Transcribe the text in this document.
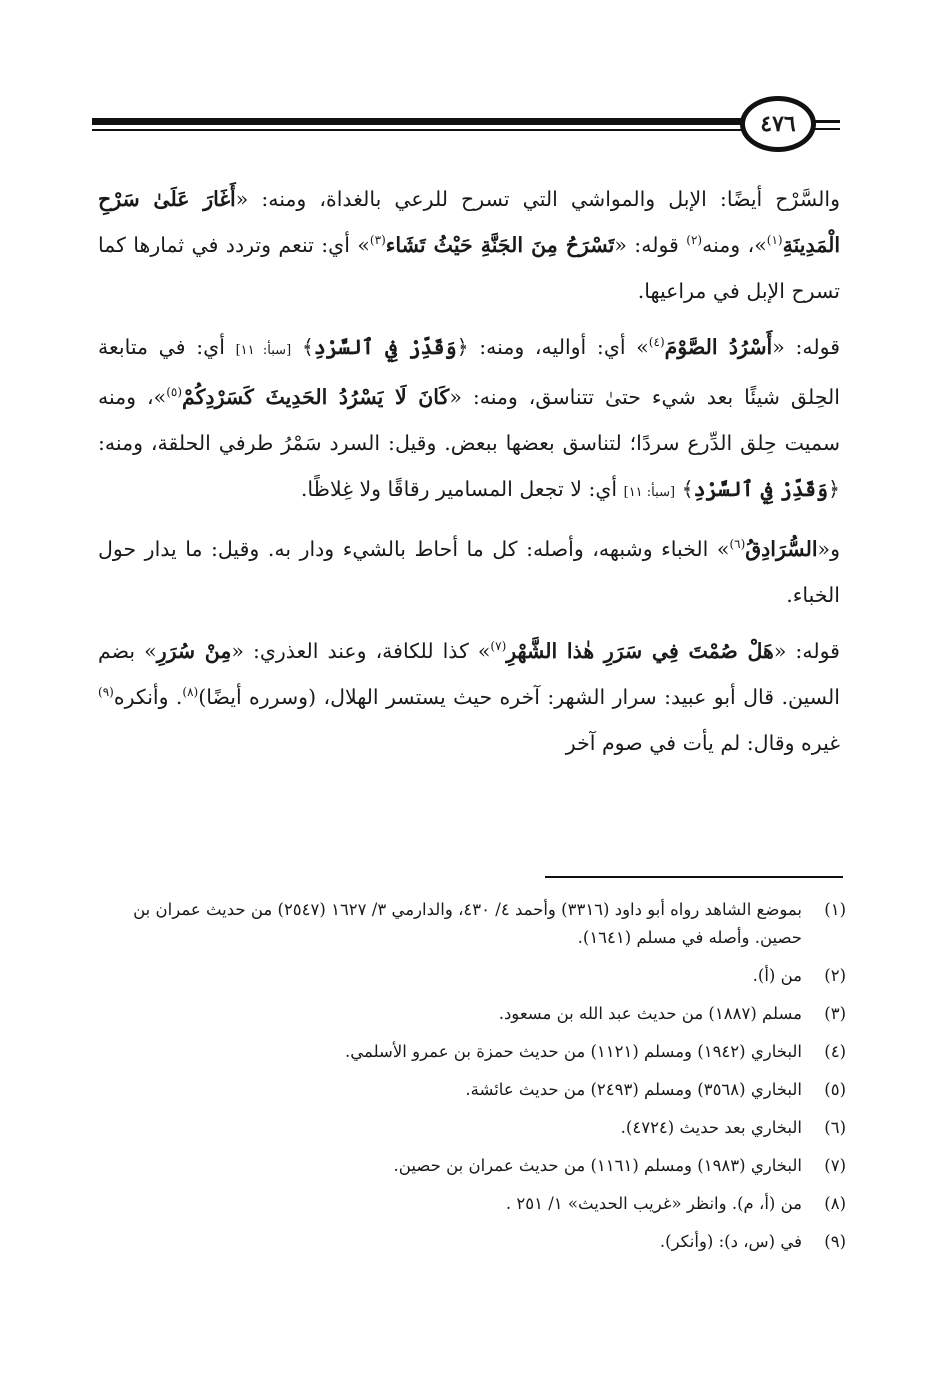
٤٧٦

والسَّرْح أيضًا: الإبل والمواشي التي تسرح للرعي بالغداة، ومنه: «أَغَارَ عَلَىٰ سَرْحِ الْمَدِينَةِ$^{(١)}$»، ومنه$^{(٢)}$ قوله: «تَسْرَحُ مِنَ الجَنَّةِ حَيْثُ تَشَاء$^{(٣)}$» أي: تنعم وتردد في ثمارها كما تسرح الإبل في مراعيها.

قوله: «أَسْرُدُ الصَّوْمَ$^{(٤)}$» أي: أواليه، ومنه: ﴿وَقَدِّرْ فِي ٱلسَّرْدِ﴾ [سبأ: ١١] أي: في متابعة الحِلق شيئًا بعد شيء حتىٰ تتناسق، ومنه: «كَانَ لَا يَسْرُدُ الحَدِيثَ كَسَرْدِكُمْ$^{(٥)}$»، ومنه سميت حِلق الدِّرع سردًا؛ لتناسق بعضها ببعض. وقيل: السرد سَمْرُ طرفي الحلقة، ومنه: ﴿وَقَدِّرْ فِي ٱلسَّرْدِ﴾ [سبأ: ١١] أي: لا تجعل المسامير رقاقًا ولا غِلاظًا.

و«السُّرَادِقُ$^{(٦)}$» الخباء وشبهه، وأصله: كل ما أحاط بالشيء ودار به. وقيل: ما يدار حول الخباء.

قوله: «هَلْ صُمْتَ فِي سَرَرِ هٰذا الشَّهْرِ$^{(٧)}$» كذا للكافة، وعند العذري: «مِنْ سُرَرِ» بضم السين. قال أبو عبيد: سرار الشهر: آخره حيث يستسر الهلال، (وسرره أيضًا)$^{(٨)}$. وأنكره$^{(٩)}$ غيره وقال: لم يأت في صوم آخر

(١)
بموضع الشاهد رواه أبو داود (٣٣١٦) وأحمد ٤/ ٤٣٠، والدارمي ٣/ ١٦٢٧ (٢٥٤٧) من حديث عمران بن حصين. وأصله في مسلم (١٦٤١).
(٢)
من (أ).
(٣)
مسلم (١٨٨٧) من حديث عبد الله بن مسعود.
(٤)
البخاري (١٩٤٢) ومسلم (١١٢١) من حديث حمزة بن عمرو الأسلمي.
(٥)
البخاري (٣٥٦٨) ومسلم (٢٤٩٣) من حديث عائشة.
(٦)
البخاري بعد حديث (٤٧٢٤).
(٧)
البخاري (١٩٨٣) ومسلم (١١٦١) من حديث عمران بن حصين.
(٨)
من (أ، م). وانظر «غريب الحديث» ١/ ٢٥١ .
(٩)
في (س، د): (وأنكر).
